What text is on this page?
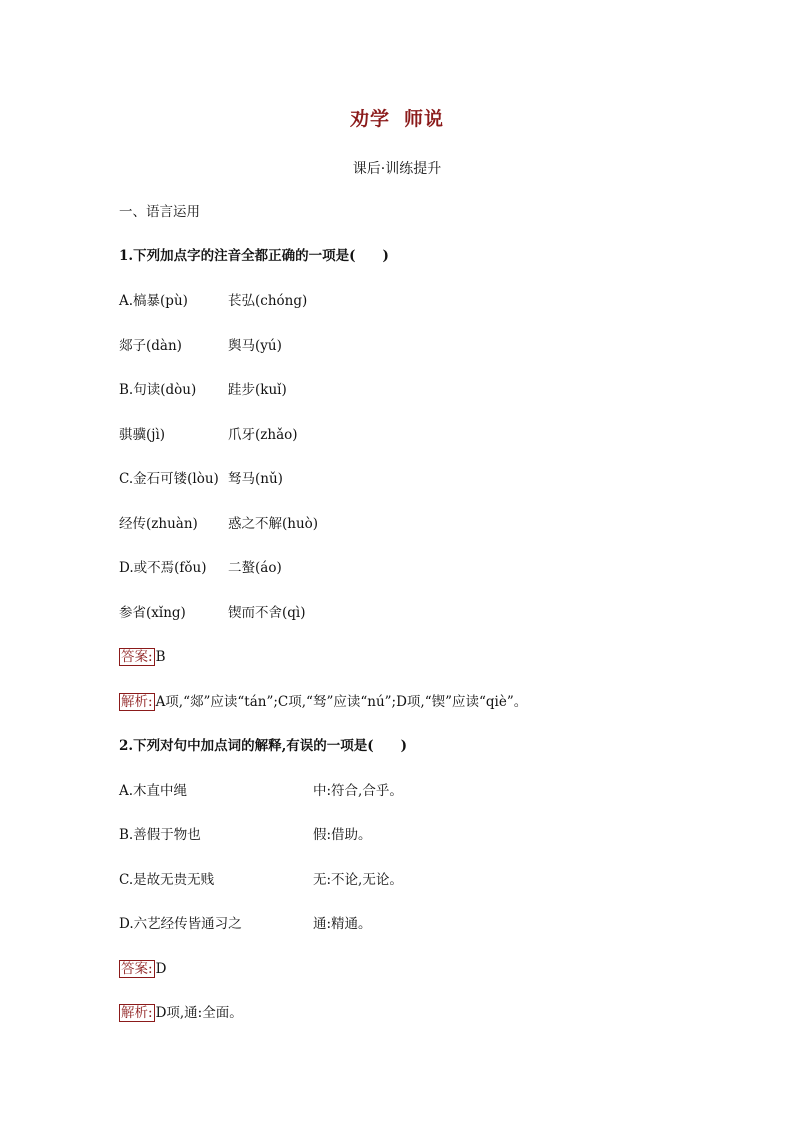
劝学 师说
课后·训练提升
一、语言运用
1.下列加点字的注音全都正确的一项是(　　)
A.槁暴(pù)	苌弘(chóng)
郯子(dàn)	舆马(yú)
B.句读(dòu) 跬步(kuǐ)
骐骥(jì)	爪牙(zhǎo)
C.金石可镂(lòu) 驽马(nǔ)
经传(zhuàn) 惑之不解(huò)
D.或不焉(fǒu) 二螯(áo)
参省(xǐng)	锲而不舍(qì)
答案: B
解析: A项,“郯”应读“tán”;C项,“驽”应读“nú”;D项,“锲”应读“qiè”。
2.下列对句中加点词的解释,有误的一项是(　　)
A.木直中绳	中:符合,合乎。
B.善假于物也	假:借助。
C.是故无贵无贱	无:不论,无论。
D.六艺经传皆通习之	通:精通。
答案: D
解析: D项,通:全面。
